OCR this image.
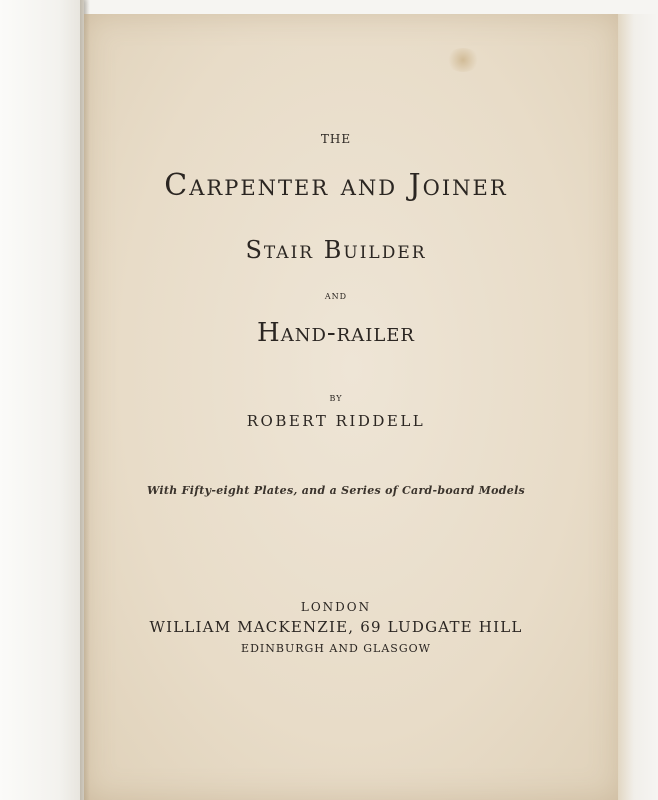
THE
Carpenter and Joiner
Stair Builder
AND
Hand-railer
BY
ROBERT RIDDELL
With Fifty-eight Plates, and a Series of Card-board Models
LONDON
WILLIAM MACKENZIE, 69 LUDGATE HILL
EDINBURGH AND GLASGOW
